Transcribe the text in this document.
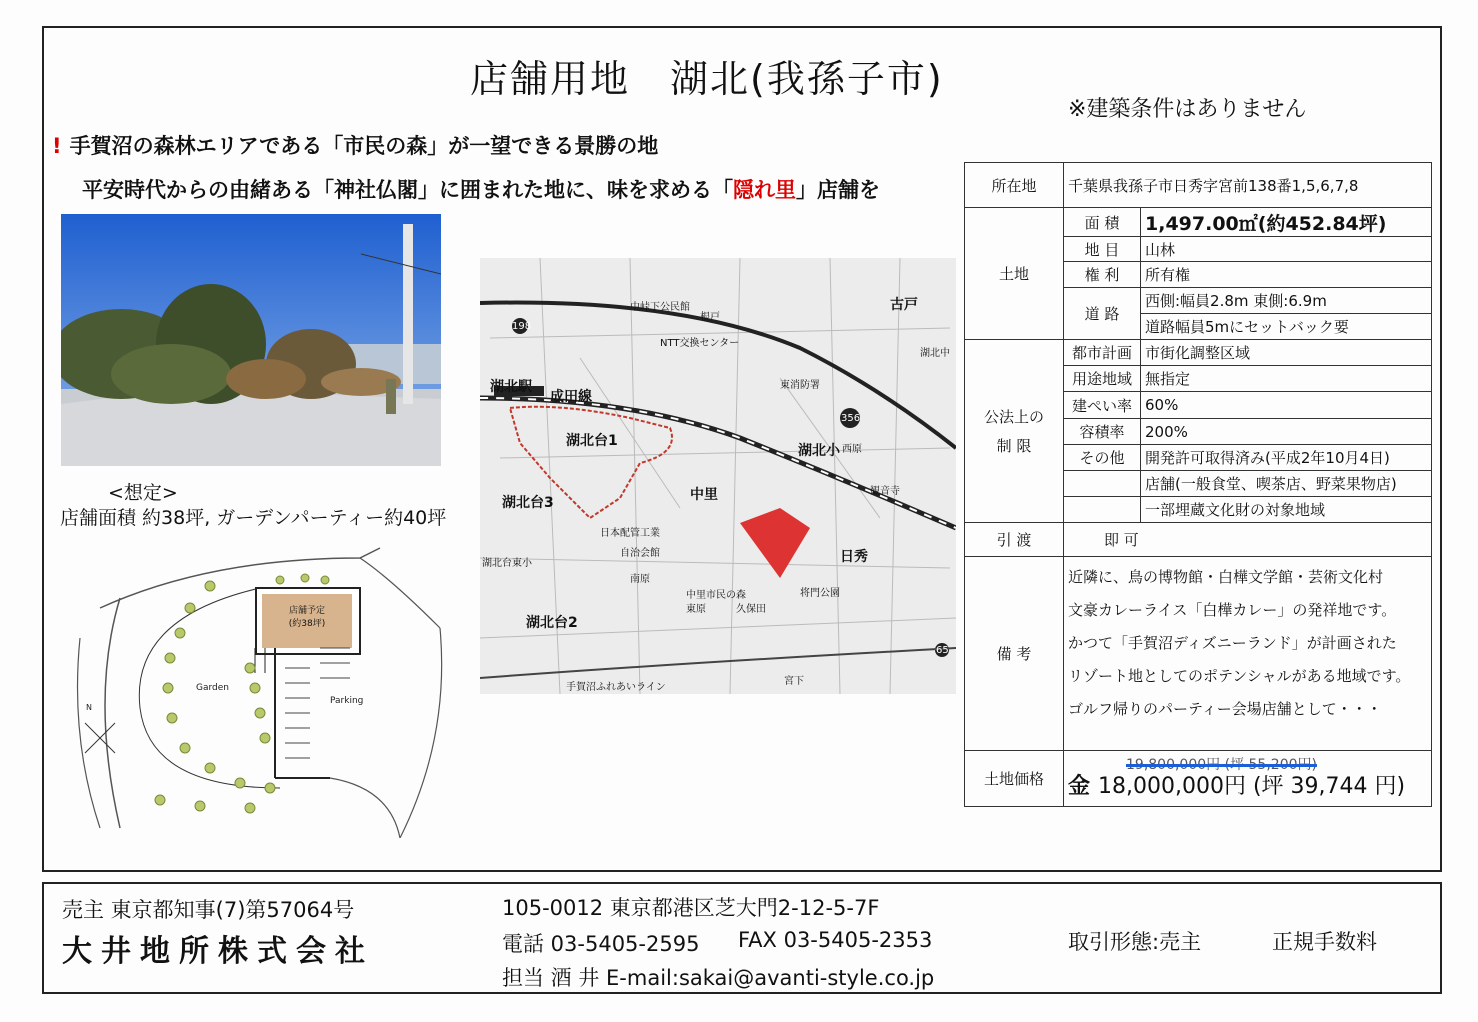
店舗用地 湖北(我孫子市)
※建築条件はありません
! 手賀沼の森林エリアである「市民の森」が一望できる景勝の地
平安時代からの由緒ある「神社仏閣」に囲まれた地に、味を求める「隠れ里」店舗を
<想定>
店舗面積 約38坪, ガーデンパーティー約40坪
店舗予定
(約38坪)
Garden
Parking
N
湖北駅
成田線
湖北台1
湖北台3
湖北台2
中里
湖北台東小
NTT交換センター
東消防署
湖北小
日秀
古戸
南原
西原
根戸
中峠下公民館
日本配管工業
自治会館
中里市民の森
東原	久保田
将門公園
観音寺
宮下
手賀沼ふれあいライン
湖北中
356
198
65
所在地	千葉県我孫子市日秀字宮前138番1,5,6,7,8	
土地	面 積	1,497.00㎡(約452.84坪)
	地 目	山林
	権 利	所有権
	道 路	西側:幅員2.8m 東側:6.9m
		道路幅員5mにセットバック要

公法上の
制 限	都市計画	市街化調整区域
	用途地域	無指定
	建ぺい率	60%
	容積率	200%
	その他	開発許可取得済み(平成2年10月4日)
		店舗(一般食堂、喫茶店、野菜果物店)
		一部埋蔵文化財の対象地域
引 渡	即 可	
備 考	近隣に、鳥の博物館・白樺文学館・芸術文化村
文豪カレーライス「白樺カレー」の発祥地です。
かつて「手賀沼ディズニーランド」が計画された
リゾート地としてのポテンシャルがある地域です。
ゴルフ帰りのパーティー会場店舗として・・・	

土地価格	19,800,000円 (坪 55,200円)
金 18,000,000円 (坪 39,744 円)	
売主 東京都知事(7)第57064号
大井地所株式会社
105-0012 東京都港区芝大門2-12-5-7F
電話 03-5405-2595 FAX 03-5405-2353
担当 酒 井 E-mail:sakai@avanti-style.co.jp
取引形態:売主	正規手数料
